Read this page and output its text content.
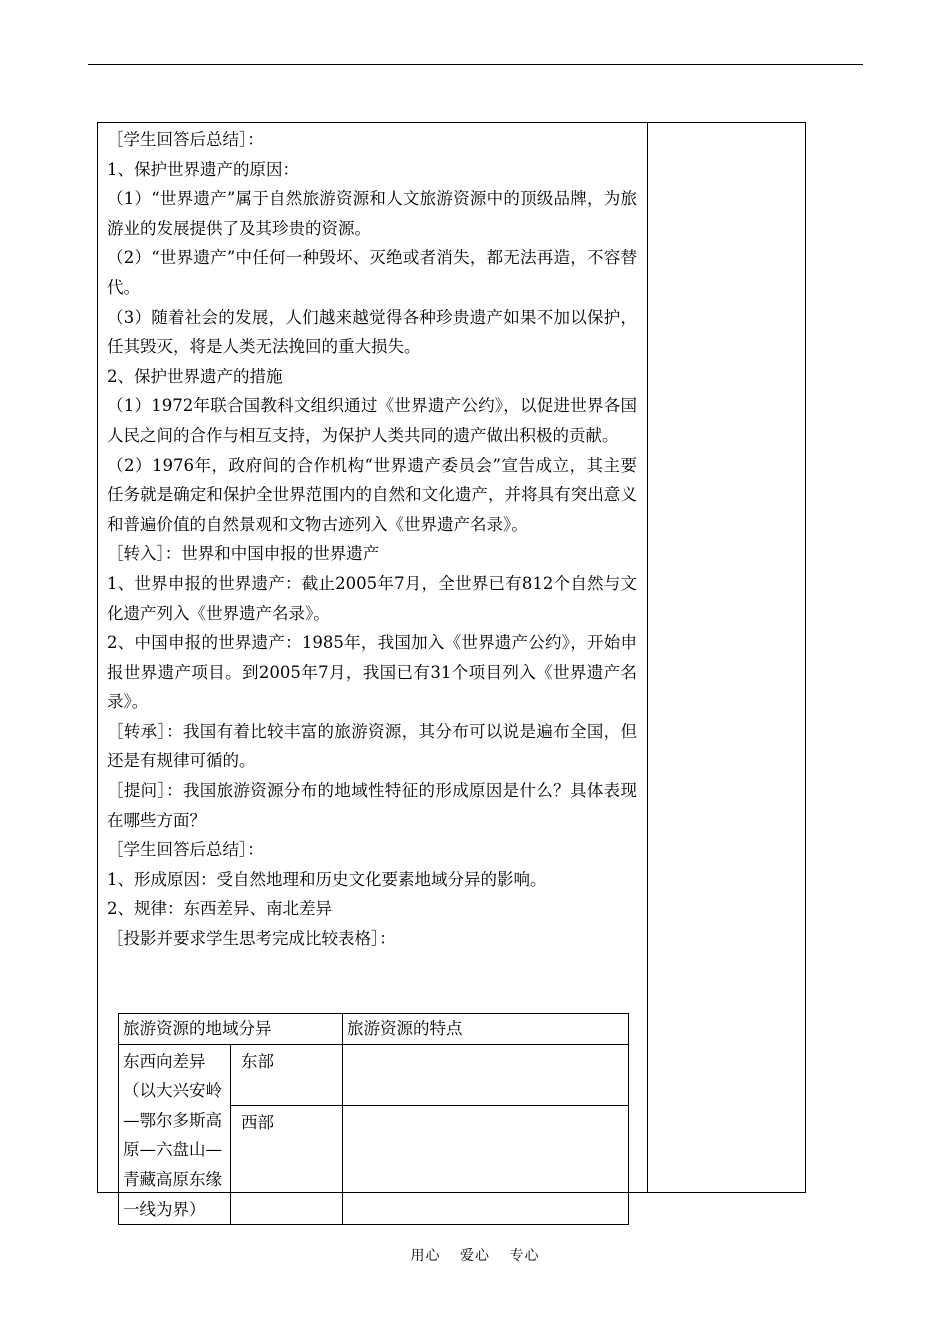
［学生回答后总结］：

1、保护世界遗产的原因：

（1）“世界遗产”属于自然旅游资源和人文旅游资源中的顶级品牌，为旅游业的发展提供了及其珍贵的资源。

（2）“世界遗产”中任何一种毁坏、灭绝或者消失，都无法再造，不容替代。

（3）随着社会的发展，人们越来越觉得各种珍贵遗产如果不加以保护，任其毁灭，将是人类无法挽回的重大损失。

2、保护世界遗产的措施

（1）1972年联合国教科文组织通过《世界遗产公约》，以促进世界各国人民之间的合作与相互支持，为保护人类共同的遗产做出积极的贡献。

（2）1976年，政府间的合作机构“世界遗产委员会”宣告成立，其主要任务就是确定和保护全世界范围内的自然和文化遗产，并将具有突出意义和普遍价值的自然景观和文物古迹列入《世界遗产名录》。

［转入］：世界和中国申报的世界遗产

1、世界申报的世界遗产：截止2005年7月，全世界已有812个自然与文化遗产列入《世界遗产名录》。

2、中国申报的世界遗产：1985年，我国加入《世界遗产公约》，开始申报世界遗产项目。到2005年7月，我国已有31个项目列入《世界遗产名录》。

［转承］：我国有着比较丰富的旅游资源，其分布可以说是遍布全国，但还是有规律可循的。

［提问］：我国旅游资源分布的地域性特征的形成原因是什么？具体表现在哪些方面？

［学生回答后总结］：

1、形成原因：受自然地理和历史文化要素地域分异的影响。

2、规律：东西差异、南北差异

［投影并要求学生思考完成比较表格］：

旅游资源的地域分异		旅游资源的特点
东西向差异（以大兴安岭—鄂尔多斯高原—六盘山—青藏高原东缘一线为界）	东部	
	西部	
用心 爱心 专心
